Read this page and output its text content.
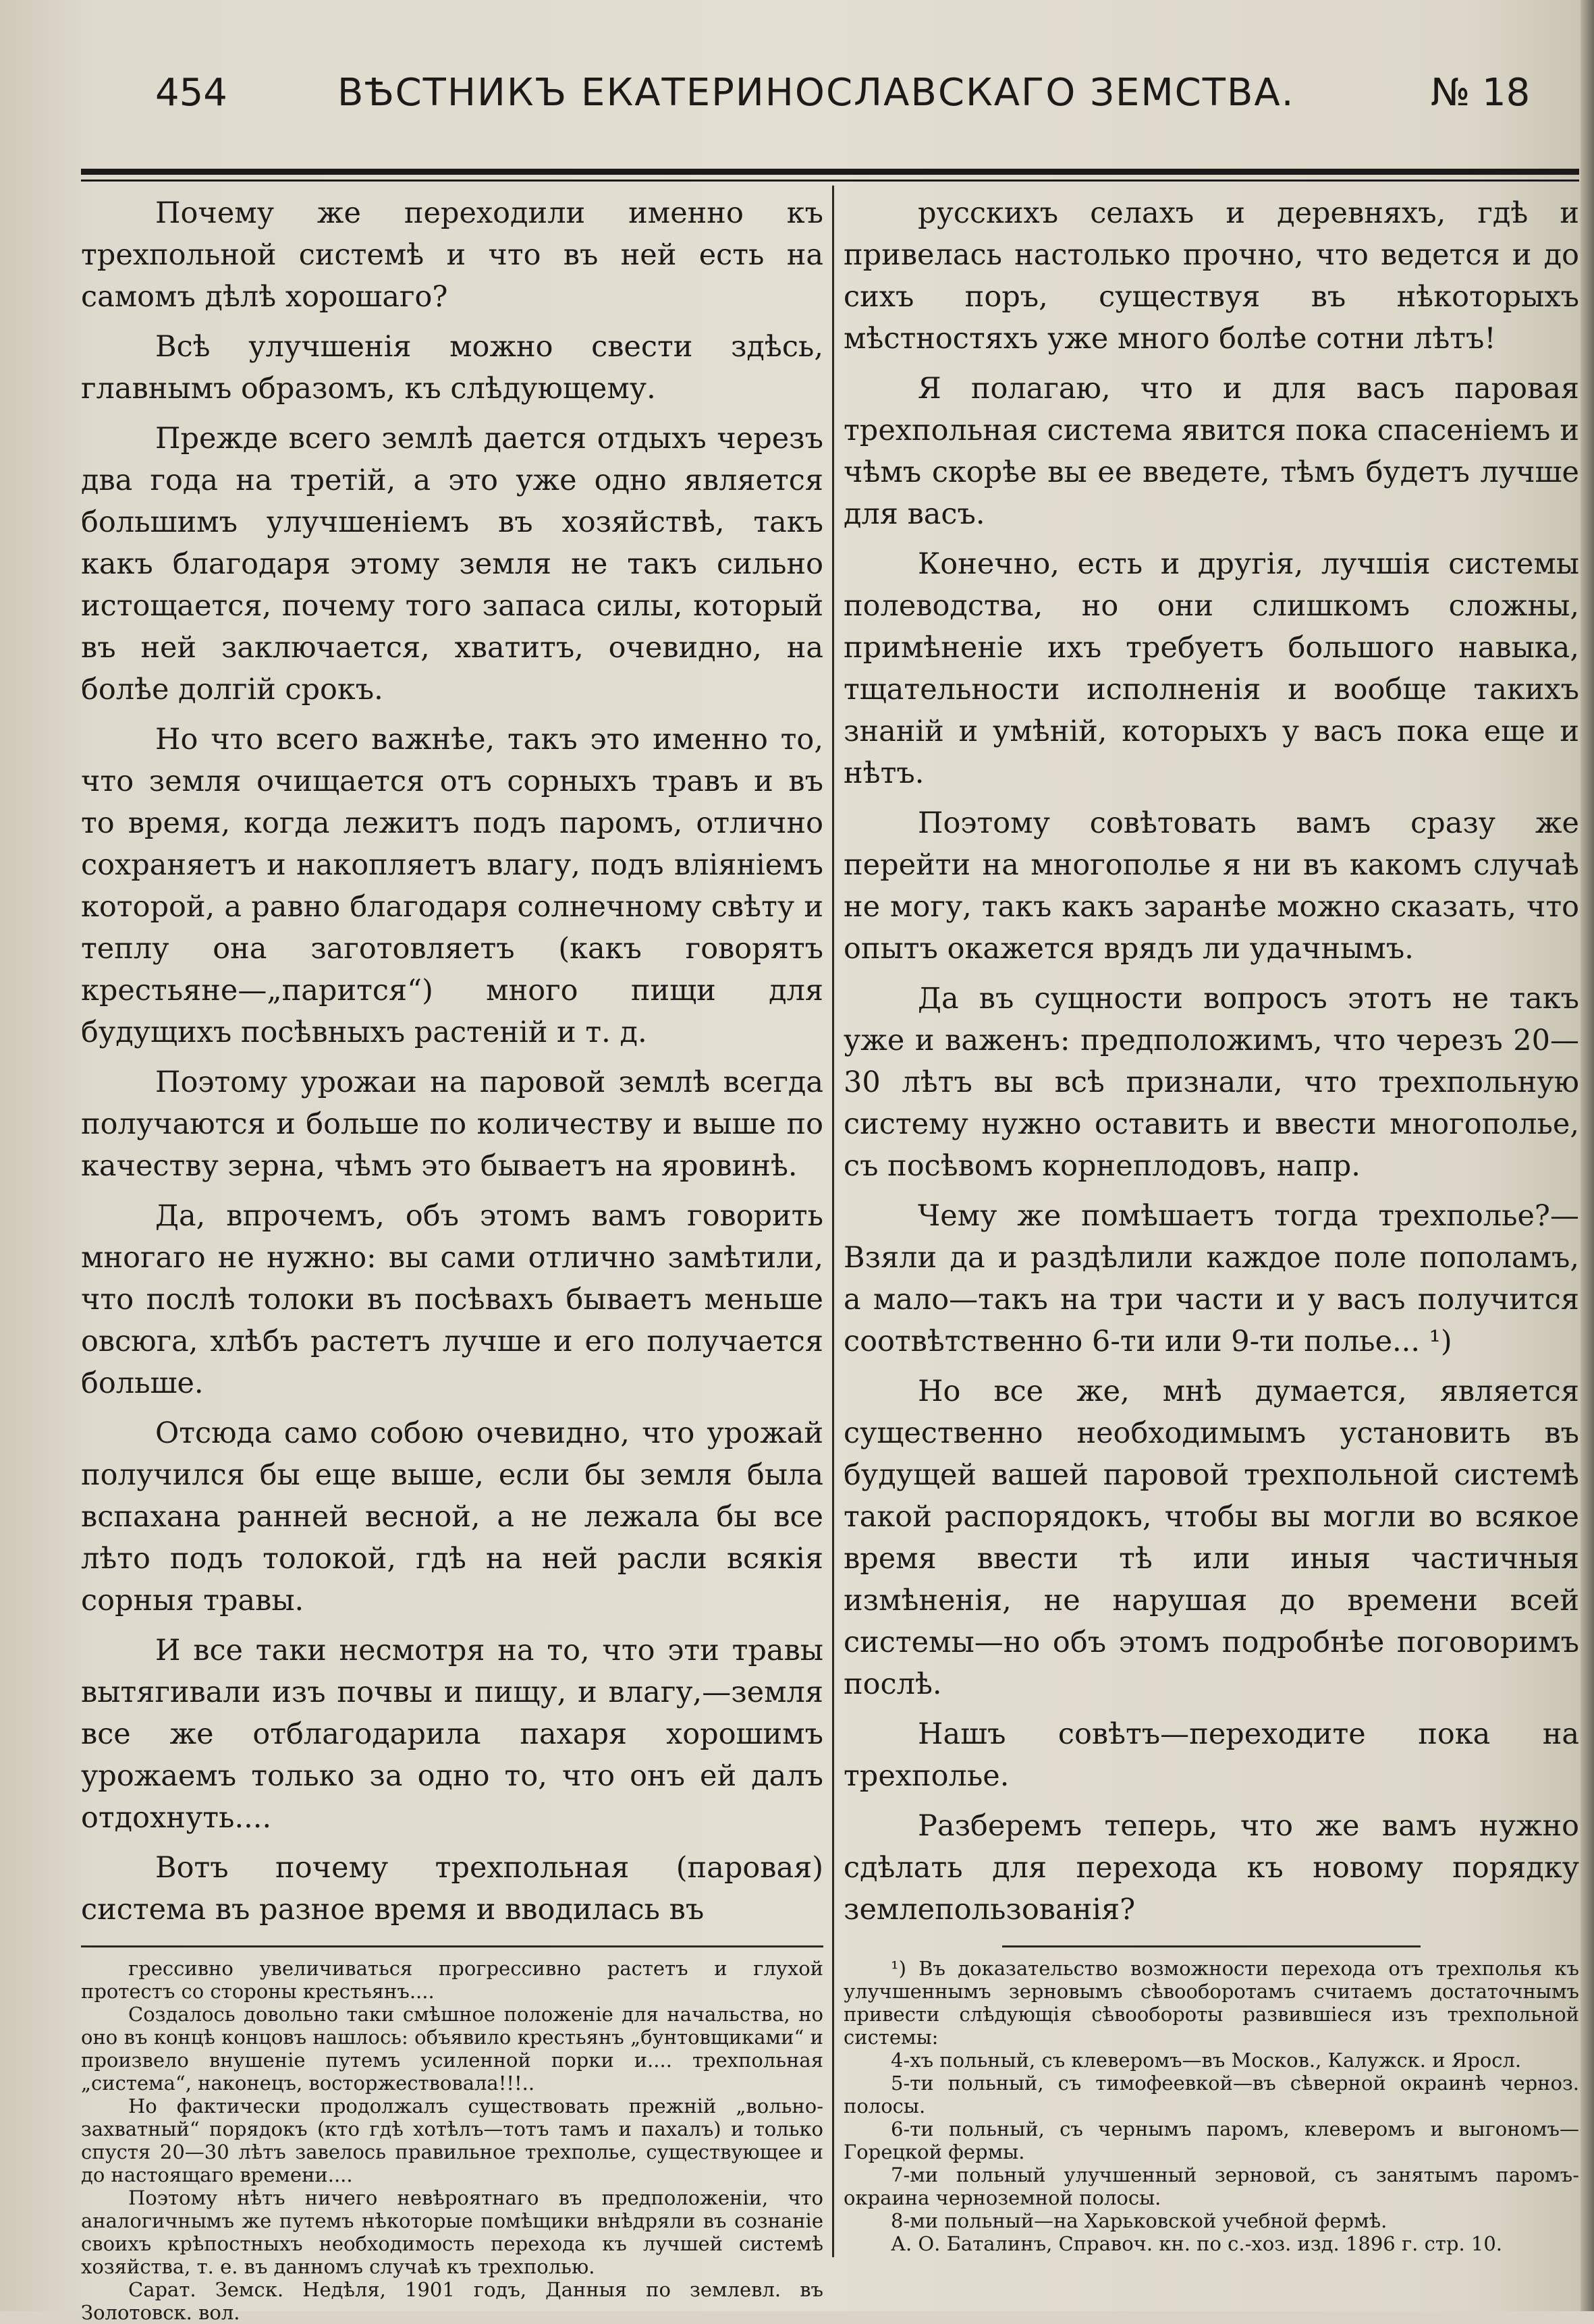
454	ВѢСТНИКЪ ЕКАТЕРИНОСЛАВСКАГО ЗЕМСТВА.	№ 18

Почему же переходили именно къ трехпольной системѣ и что въ ней есть на самомъ дѣлѣ хорошаго?

Всѣ улучшенія можно свести здѣсь, главнымъ образомъ, къ слѣдующему.

Прежде всего землѣ дается отдыхъ черезъ два года на третій, а это уже одно является большимъ улучшеніемъ въ хозяйствѣ, такъ какъ благодаря этому земля не такъ сильно истощается, почему того запаса силы, который въ ней заключается, хватитъ, очевидно, на болѣе долгій срокъ.

Но что всего важнѣе, такъ это именно то, что земля очищается отъ сорныхъ травъ и въ то время, когда лежитъ подъ паромъ, отлично сохраняетъ и накопляетъ влагу, подъ вліяніемъ которой, а равно благодаря солнечному свѣту и теплу она заготовляетъ (какъ говорятъ крестьяне—„парится“) много пищи для будущихъ посѣвныхъ растеній и т. д.

Поэтому урожаи на паровой землѣ всегда получаются и больше по количеству и выше по качеству зерна, чѣмъ это бываетъ на яровинѣ.

Да, впрочемъ, объ этомъ вамъ говорить многаго не нужно: вы сами отлично замѣтили, что послѣ толоки въ посѣвахъ бываетъ меньше овсюга, хлѣбъ растетъ лучше и его получается больше.

Отсюда само собою очевидно, что урожай получился бы еще выше, если бы земля была вспахана ранней весной, а не лежала бы все лѣто подъ толокой, гдѣ на ней расли всякія сорныя травы.

И все таки несмотря на то, что эти травы вытягивали изъ почвы и пищу, и влагу,—земля все же отблагодарила пахаря хорошимъ урожаемъ только за одно то, что онъ ей далъ отдохнуть....

Вотъ почему трехпольная (паровая) система въ разное время и вводилась въ

грессивно увеличиваться прогрессивно растетъ и глухой протестъ со стороны крестьянъ....

Создалось довольно таки смѣшное положеніе для начальства, но оно въ концѣ концовъ нашлось: объявило крестьянъ „бунтовщиками“ и произвело внушеніе путемъ усиленной порки и.... трехпольная „система“, наконецъ, восторжествовала!!!..

Но фактически продолжалъ существовать прежній „вольно-захватный“ порядокъ (кто гдѣ хотѣлъ—тотъ тамъ и пахалъ) и только спустя 20—30 лѣтъ завелось правильное трехполье, существующее и до настоящаго времени....

Поэтому нѣтъ ничего невѣроятнаго въ предположеніи, что аналогичнымъ же путемъ нѣкоторые помѣщики внѣдряли въ сознаніе своихъ крѣпостныхъ необходимость перехода къ лучшей системѣ хозяйства, т. е. въ данномъ случаѣ къ трехполью.

Сарат. Земск. Недѣля, 1901 годъ, Данныя по землевл. въ Золотовск. вол.

русскихъ селахъ и деревняхъ, гдѣ и привелась настолько прочно, что ведется и до сихъ поръ, существуя въ нѣкоторыхъ мѣстностяхъ уже много болѣе сотни лѣтъ!

Я полагаю, что и для васъ паровая трехпольная система явится пока спасеніемъ и чѣмъ скорѣе вы ее введете, тѣмъ будетъ лучше для васъ.

Конечно, есть и другія, лучшія системы полеводства, но они слишкомъ сложны, примѣненіе ихъ требуетъ большого навыка, тщательности исполненія и вообще такихъ знаній и умѣній, которыхъ у васъ пока еще и нѣтъ.

Поэтому совѣтовать вамъ сразу же перейти на многополье я ни въ какомъ случаѣ не могу, такъ какъ заранѣе можно сказать, что опытъ окажется врядъ ли удачнымъ.

Да въ сущности вопросъ этотъ не такъ уже и важенъ: предположимъ, что черезъ 20—30 лѣтъ вы всѣ признали, что трехпольную систему нужно оставить и ввести многополье, съ посѣвомъ корнеплодовъ, напр.

Чему же помѣшаетъ тогда трехполье?—Взяли да и раздѣлили каждое поле пополамъ, а мало—такъ на три части и у васъ получится соотвѣтственно 6-ти или 9-ти полье... ¹)

Но все же, мнѣ думается, является существенно необходимымъ установить въ будущей вашей паровой трехпольной системѣ такой распорядокъ, чтобы вы могли во всякое время ввести тѣ или иныя частичныя измѣненія, не нарушая до времени всей системы—но объ этомъ подробнѣе поговоримъ послѣ.

Нашъ совѣтъ—переходите пока на трехполье.

Разберемъ теперь, что же вамъ нужно сдѣлать для перехода къ новому порядку землепользованія?

¹) Въ доказательство возможности перехода отъ трехполья къ улучшеннымъ зерновымъ сѣвооборотамъ считаемъ достаточнымъ привести слѣдующія сѣвообороты развившіеся изъ трехпольной системы:

4-хъ польный, съ клеверомъ—въ Москов., Калужск. и Яросл.

5-ти польный, съ тимофеевкой—въ сѣверной окраинѣ черноз. полосы.

6-ти польный, съ чернымъ паромъ, клеверомъ и выгономъ—Горецкой фермы.

7-ми польный улучшенный зерновой, съ занятымъ паромъ-окраина черноземной полосы.

8-ми польный—на Харьковской учебной фермѣ.

А. О. Баталинъ, Справоч. кн. по с.-хоз. изд. 1896 г. стр. 10.
